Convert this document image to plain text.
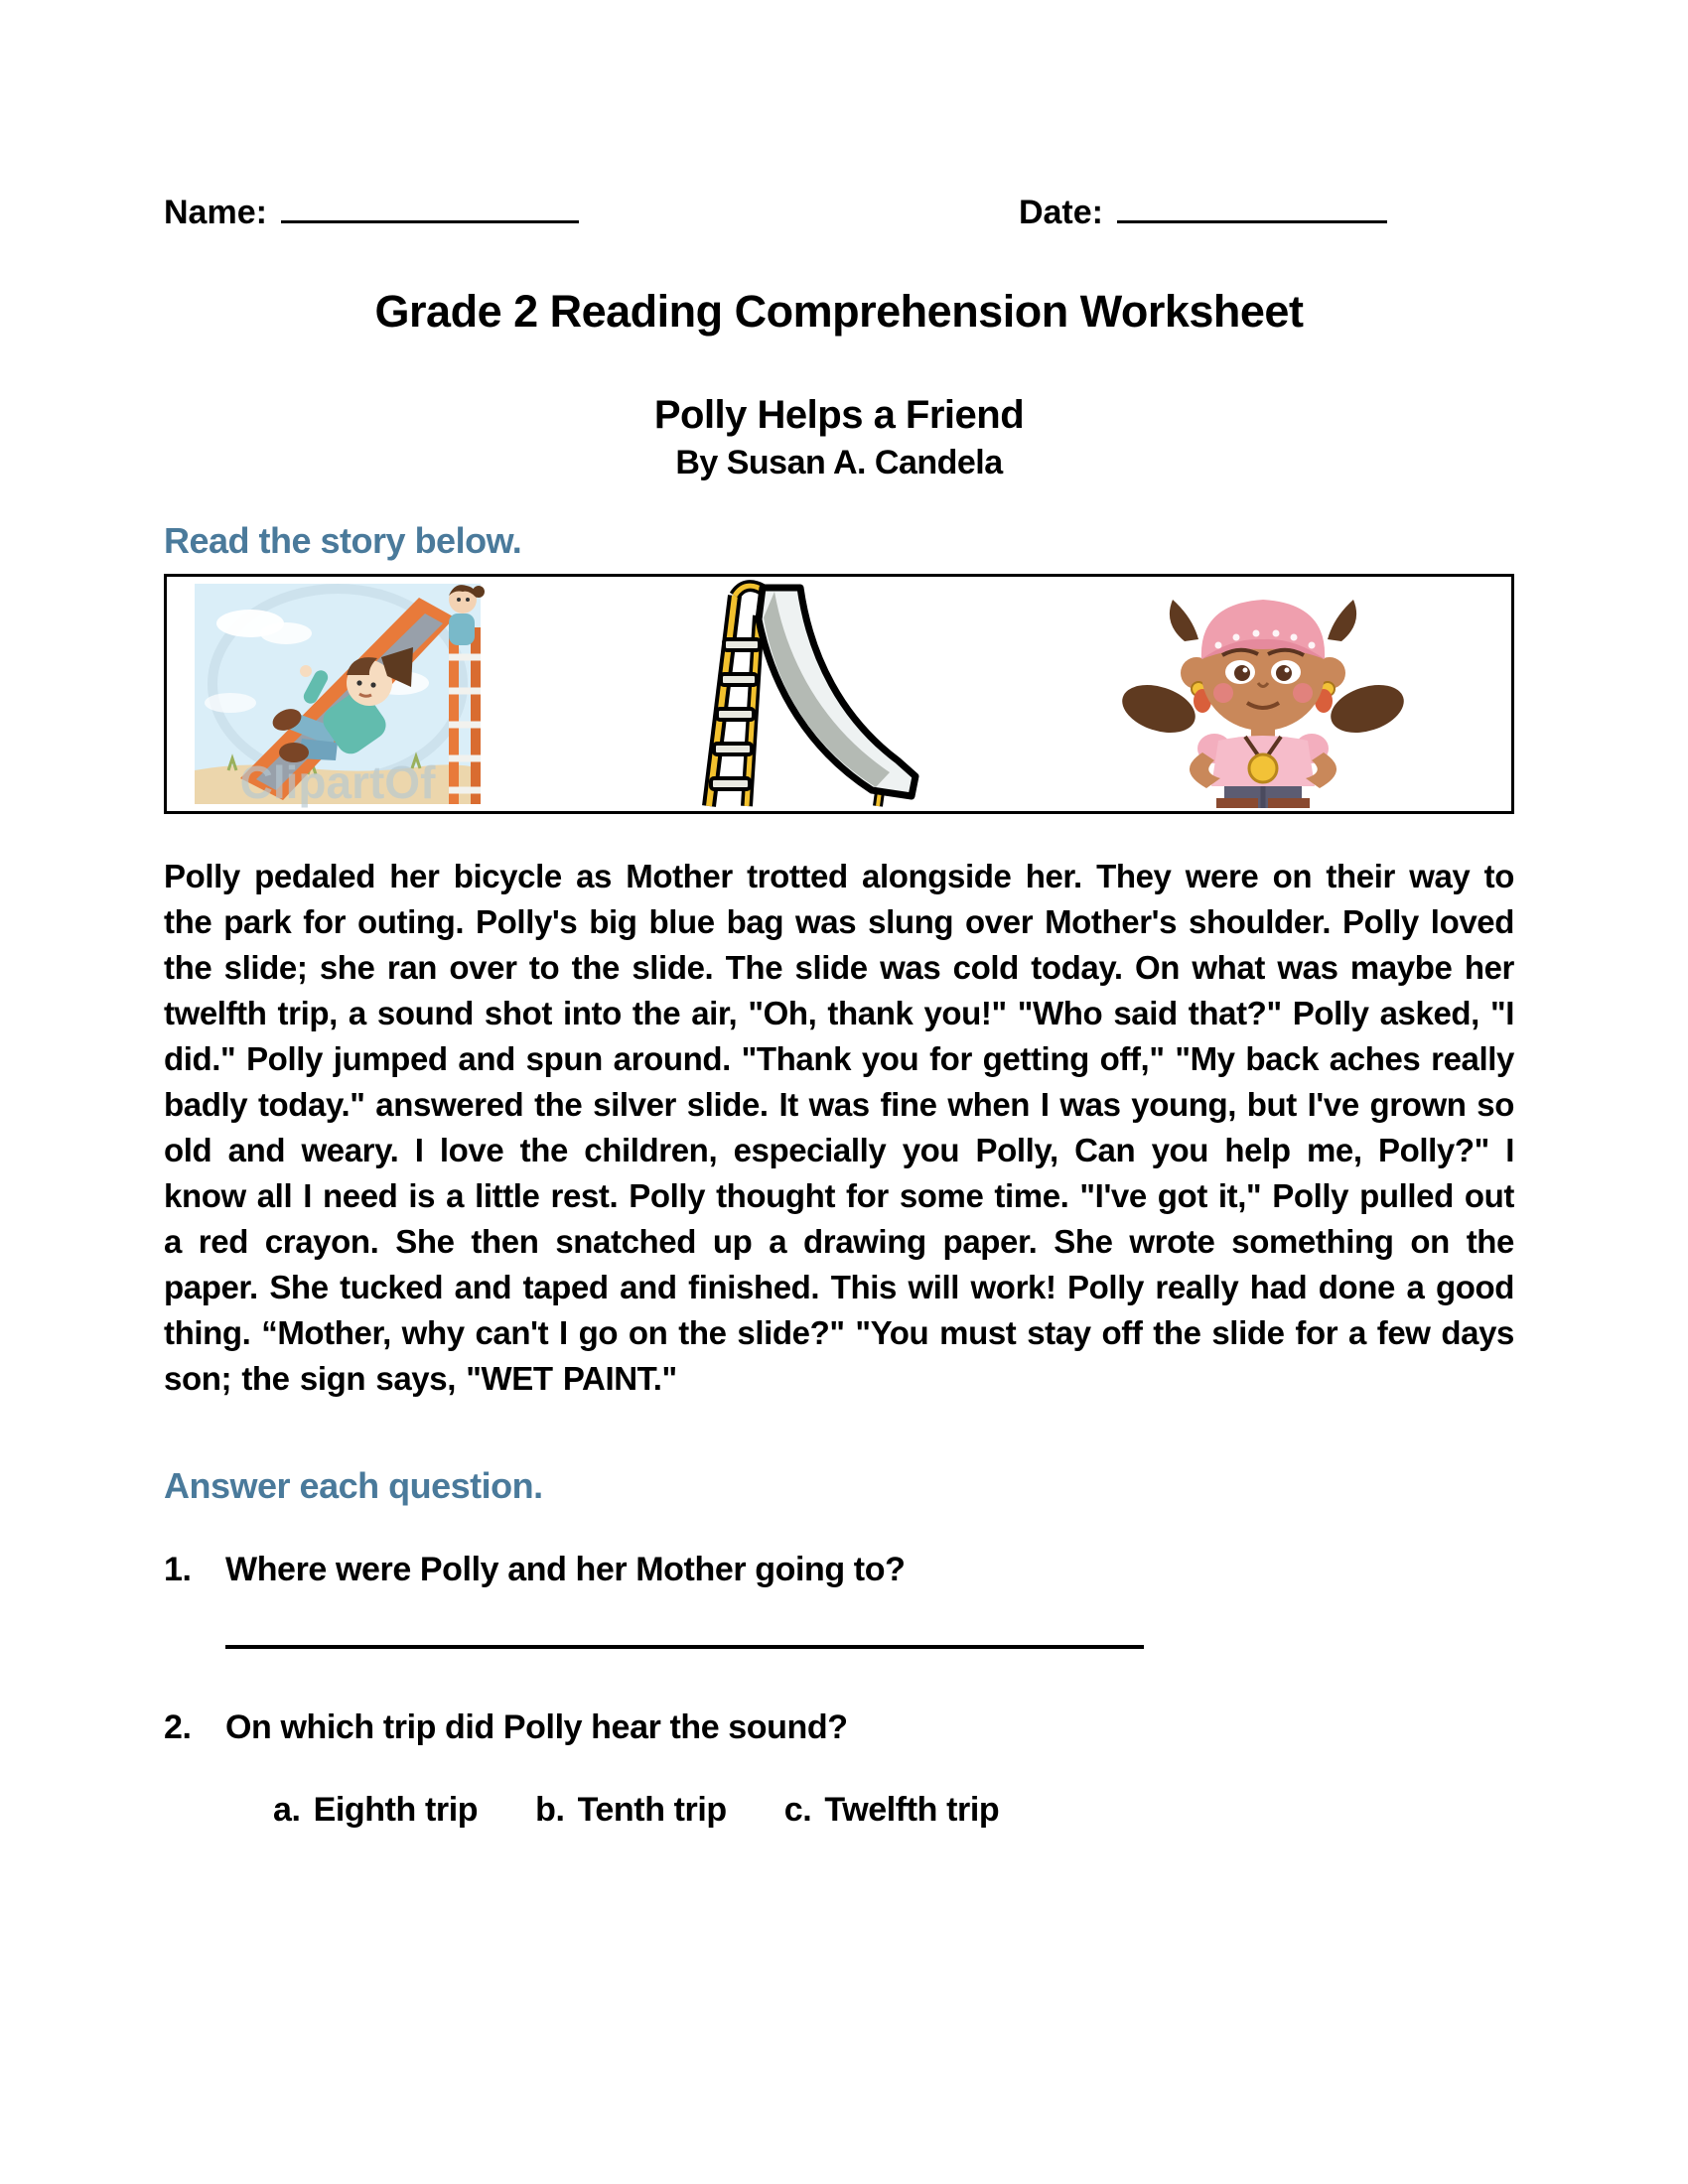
Name:	Date:
Grade 2 Reading Comprehension Worksheet
Polly Helps a Friend
By Susan A. Candela
Read the story below.
ClipartOf

Polly pedaled her bicycle as Mother trotted alongside her. They were on their way to the park for outing. Polly's big blue bag was slung over Mother's shoulder. Polly loved the slide; she ran over to the slide. The slide was cold today. On what was maybe her twelfth trip, a sound shot into the air, "Oh, thank you!" "Who said that?" Polly asked, "I did." Polly jumped and spun around. "Thank you for getting off," "My back aches really badly today." answered the silver slide. It was fine when I was young, but I've grown so old and weary. I love the children, especially you Polly, Can you help me, Polly?" I know all I need is a little rest. Polly thought for some time. "I've got it," Polly pulled out a red crayon. She then snatched up a drawing paper. She wrote something on the paper. She tucked and taped and finished. This will work! Polly really had done a good thing. “Mother, why can't I go on the slide?" "You must stay off the slide for a few days son; the sign says, "WET PAINT."

Answer each question.
1.	Where were Polly and her Mother going to?
2.	On which trip did Polly hear the sound?
a. Eighth trip b. Tenth trip c. Twelfth trip
